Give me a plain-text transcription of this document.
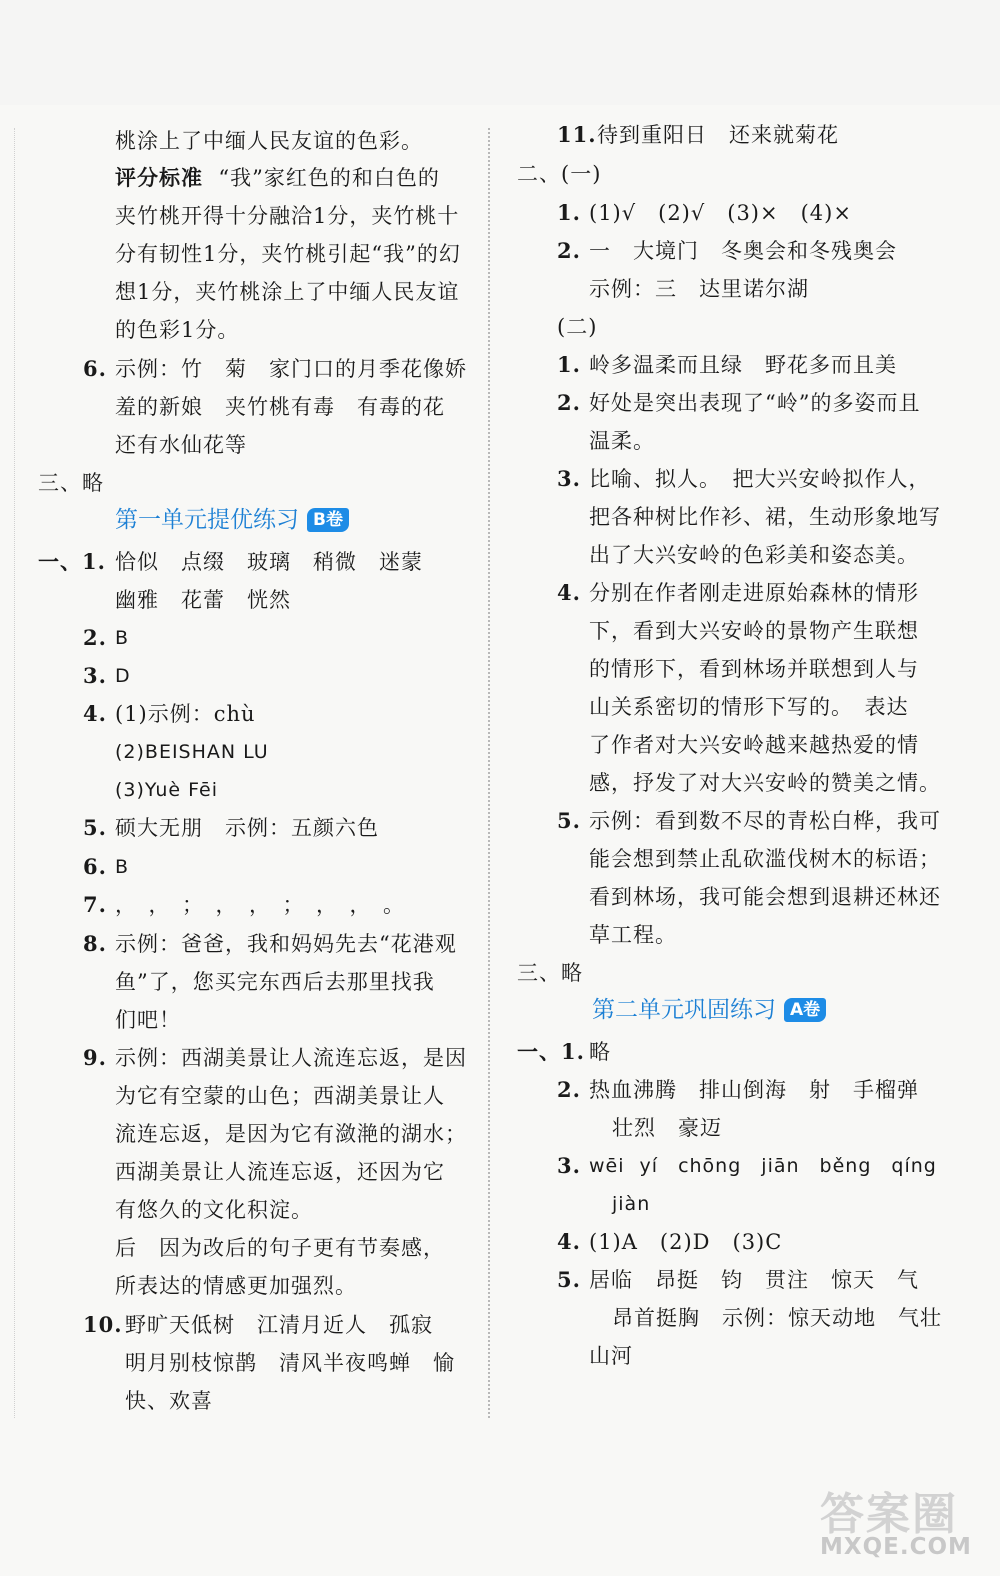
桃涂上了中缅人民友谊的色彩。
评分标准 “我”家红色的和白色的
夹竹桃开得十分融洽1分，夹竹桃十
分有韧性1分，夹竹桃引起“我”的幻
想1分，夹竹桃涂上了中缅人民友谊
的色彩1分。
6. 示例：竹　菊　家门口的月季花像娇
羞的新娘　夹竹桃有毒　有毒的花
还有水仙花等
三、略
第一单元提优练习 B卷
一、1. 恰似　点缀　玻璃　稍微　迷蒙
幽雅　花蕾　恍然
2. B
3. D
4. (1)示例：chù
(2)BEISHAN LU
(3)Yuè Fēi
5. 硕大无朋　示例：五颜六色
6. B
7. ，　，　；　，　，　；　，　，　。
8. 示例：爸爸，我和妈妈先去“花港观
鱼”了，您买完东西后去那里找我
们吧！
9. 示例：西湖美景让人流连忘返，是因
为它有空蒙的山色；西湖美景让人
流连忘返，是因为它有潋滟的湖水；
西湖美景让人流连忘返，还因为它
有悠久的文化积淀。
后　因为改后的句子更有节奏感，
所表达的情感更加强烈。
10. 野旷天低树　江清月近人　孤寂
明月别枝惊鹊　清风半夜鸣蝉　愉
快、欢喜
11. 待到重阳日　还来就菊花
二、(一)
1. (1)√　(2)√　(3)×　(4)×
2. 一　大境门　冬奥会和冬残奥会
示例：三　达里诺尔湖
(二)
1. 岭多温柔而且绿　野花多而且美
2. 好处是突出表现了“岭”的多姿而且
温柔。
3. 比喻、拟人。　把大兴安岭拟作人，
把各种树比作衫、裙，生动形象地写
出了大兴安岭的色彩美和姿态美。
4. 分别在作者刚走进原始森林的情形
下，看到大兴安岭的景物产生联想
的情形下，看到林场并联想到人与
山关系密切的情形下写的。　表达
了作者对大兴安岭越来越热爱的情
感，抒发了对大兴安岭的赞美之情。
5. 示例：看到数不尽的青松白桦，我可
能会想到禁止乱砍滥伐树木的标语；
看到林场，我可能会想到退耕还林还
草工程。
三、略
第二单元巩固练习 A卷
一、1. 略
2. 热血沸腾　排山倒海　射　手榴弹
壮烈　豪迈
3. wēi yí　chōng　jiān　běng　qíng
jiàn
4. (1)A　(2)D　(3)C
5. 居临　昂挺　钧　贯注　惊天　气
昂首挺胸　示例：惊天动地　气壮
山河
答案圈
MXQE.COM
